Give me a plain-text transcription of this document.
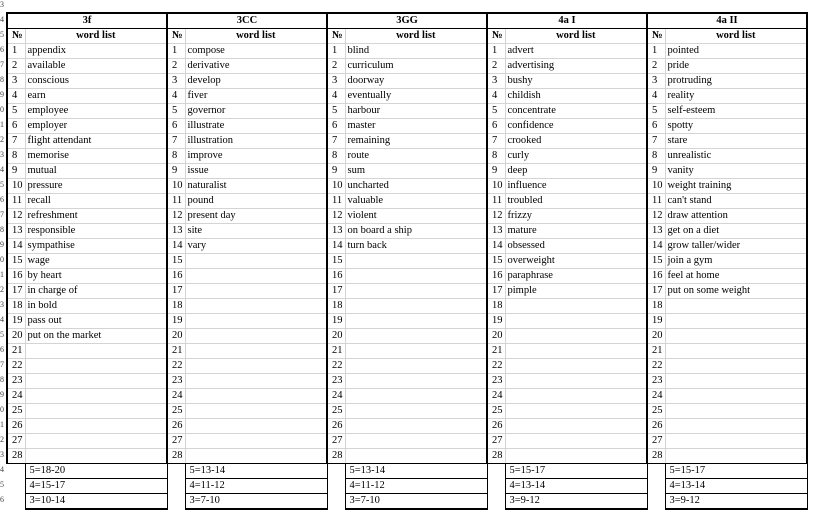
3
4
5
6
7
8
9
0
1
2
3
4
5
6
7
8
9
0
1
2
3
4
5
6
7
8
9
0
1
2
3
4
5
6
3f		3CC		3GG		4a I		4a II	
№	word list	№	word list	№	word list	№	word list	№	word list
1	appendix	1	compose	1	blind	1	advert	1	pointed
2	available	2	derivative	2	curriculum	2	advertising	2	pride
3	conscious	3	develop	3	doorway	3	bushy	3	protruding
4	earn	4	fiver	4	eventually	4	childish	4	reality
5	employee	5	governor	5	harbour	5	concentrate	5	self-esteem
6	employer	6	illustrate	6	master	6	confidence	6	spotty
7	flight attendant	7	illustration	7	remaining	7	crooked	7	stare
8	memorise	8	improve	8	route	8	curly	8	unrealistic
9	mutual	9	issue	9	sum	9	deep	9	vanity
10	pressure	10	naturalist	10	uncharted	10	influence	10	weight training
11	recall	11	pound	11	valuable	11	troubled	11	can't stand
12	refreshment	12	present day	12	violent	12	frizzy	12	draw attention
13	responsible	13	site	13	on board a ship	13	mature	13	get on a diet
14	sympathise	14	vary	14	turn back	14	obsessed	14	grow taller/wider
15	wage	15		15		15	overweight	15	join a gym
16	by heart	16		16		16	paraphrase	16	feel at home
17	in charge of	17		17		17	pimple	17	put on some weight
18	in bold	18		18		18		18	
19	pass out	19		19		19		19	
20	put on the market	20		20		20		20	
21		21		21		21		21	
22		22		22		22		22	
23		23		23		23		23	
24		24		24		24		24	
25		25		25		25		25	
26		26		26		26		26	
27		27		27		27		27	
28		28		28		28		28	
	5=18-20		5=13-14		5=13-14		5=15-17		5=15-17
	4=15-17		4=11-12		4=11-12		4=13-14		4=13-14
	3=10-14		3=7-10		3=7-10		3=9-12		3=9-12
